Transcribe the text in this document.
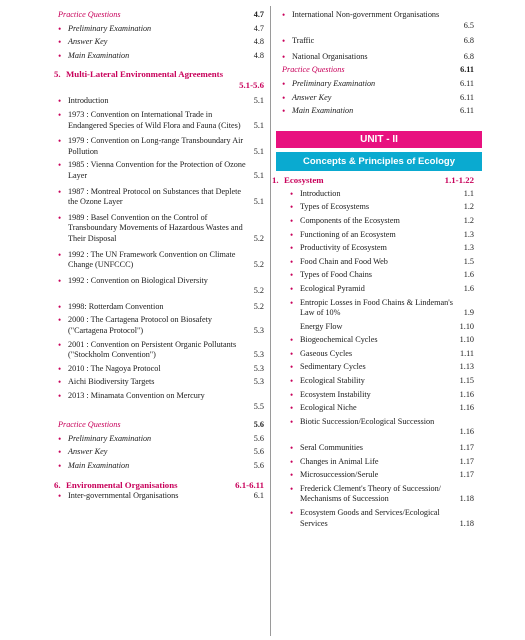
Practice Questions	4.7
• Preliminary Examination	4.7
• Answer Key	4.8
• Main Examination	4.8
5. Multi-Lateral Environmental Agreements
5.1-5.6
• Introduction	5.1
• 1973 : Convention on International Trade in Endangered Species of Wild Flora and Fauna (Cites)	5.1
• 1979 : Convention on Long-range Transboundary Air Pollution	5.1
• 1985 : Vienna Convention for the Protection of Ozone Layer	5.1
• 1987 : Montreal Protocol on Substances that Deplete the Ozone Layer	5.1
• 1989 : Basel Convention on the Control of Transboundary Movements of Hazardous Wastes and Their Disposal	5.2
• 1992 : The UN Framework Convention on Climate Change (UNFCCC)	5.2
• 1992 : Convention on Biological Diversity
5.2
• 1998: Rotterdam Convention	5.2
• 2000 : The Cartagena Protocol on Biosafety ("Cartagena Protocol")	5.3
• 2001 : Convention on Persistent Organic Pollutants ("Stockholm Convention")	5.3
• 2010 : The Nagoya Protocol	5.3
• Aichi Biodiversity Targets	5.3
• 2013 : Minamata Convention on Mercury
5.5
Practice Questions	5.6
• Preliminary Examination	5.6
• Answer Key	5.6
• Main Examination	5.6
6. Environmental Organisations	6.1-6.11
• Inter-governmental Organisations	6.1
• International Non-government Organisations
6.5
• Traffic	6.8
• National Organisations	6.8
Practice Questions	6.11
• Preliminary Examination	6.11
• Answer Key	6.11
• Main Examination	6.11
UNIT - II
Concepts & Principles of Ecology
1. Ecosystem	1.1-1.22
• Introduction	1.1
• Types of Ecosystems	1.2
• Components of the Ecosystem	1.2
• Functioning of an Ecosystem	1.3
• Productivity of Ecosystem	1.3
• Food Chain and Food Web	1.5
• Types of Food Chains	1.6
• Ecological Pyramid	1.6
• Entropic Losses in Food Chains & Lindeman's Law of 10%	1.9
Energy Flow	1.10
• Biogeochemical Cycles	1.10
• Gaseous Cycles	1.11
• Sedimentary Cycles	1.13
• Ecological Stability	1.15
• Ecosystem Instability	1.16
• Ecological Niche	1.16
• Biotic Succession/Ecological Succession
1.16
• Seral Communities	1.17
• Changes in Animal Life	1.17
• Microsuccession/Serule	1.17
• Frederick Clement's Theory of Succession/ Mechanisms of Succession	1.18
• Ecosystem Goods and Services/Ecological Services	1.18
